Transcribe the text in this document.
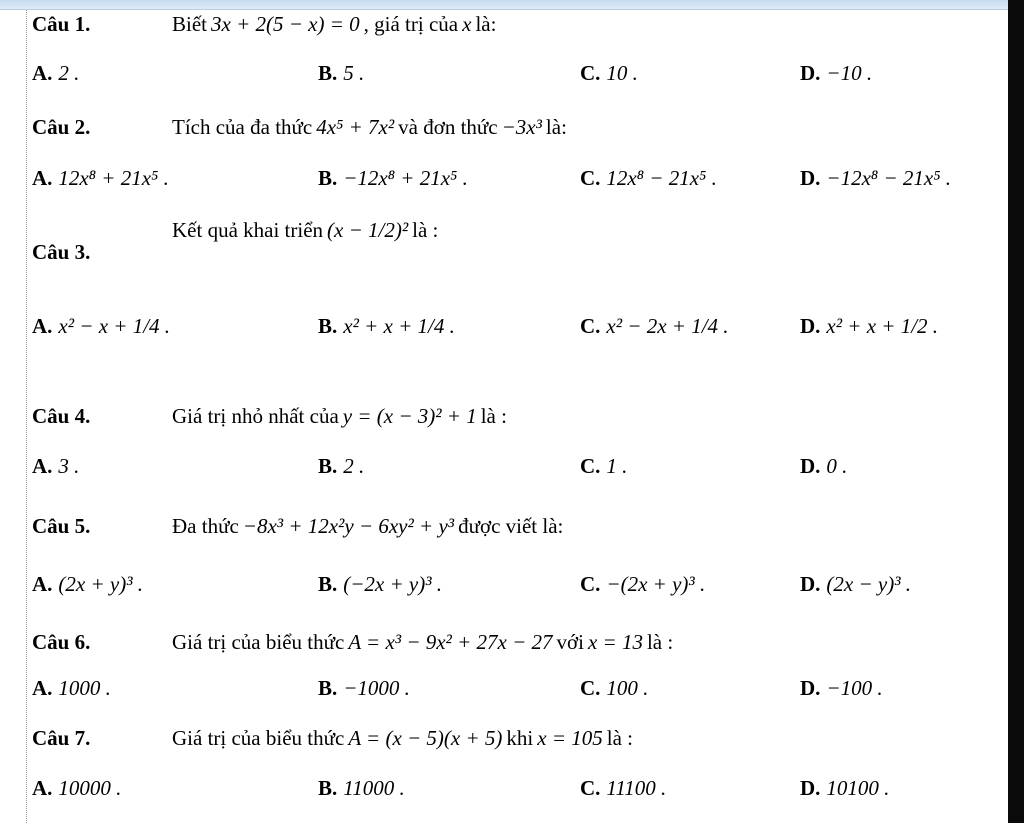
Câu 1.	Biết 3x + 2(5 − x) = 0 , giá trị của x là:
A. 2 .	B. 5 .	C. 10 .	D. −10 .
Câu 2.	Tích của đa thức 4x⁵ + 7x² và đơn thức −3x³ là:
A. 12x⁸ + 21x⁵ .	B. −12x⁸ + 21x⁵ .	C. 12x⁸ − 21x⁵ .	D. −12x⁸ − 21x⁵ .
Câu 3.
Kết quả khai triển (x − 1/2)² là :
A. x² − x + 1/4 .	B. x² + x + 1/4 .	C. x² − 2x + 1/4 .	D. x² + x + 1/2 .
Câu 4.	Giá trị nhỏ nhất của y = (x − 3)² + 1 là :
A. 3 .	B. 2 .	C. 1 .	D. 0 .
Câu 5.	Đa thức −8x³ + 12x²y − 6xy² + y³ được viết là:
A. (2x + y)³ .	B. (−2x + y)³ .	C. −(2x + y)³ .	D. (2x − y)³ .
Câu 6.	Giá trị của biểu thức A = x³ − 9x² + 27x − 27 với x = 13 là :
A. 1000 .	B. −1000 .	C. 100 .	D. −100 .
Câu 7.	Giá trị của biểu thức A = (x − 5)(x + 5) khi x = 105 là :
A. 10000 .	B. 11000 .	C. 11100 .	D. 10100 .
